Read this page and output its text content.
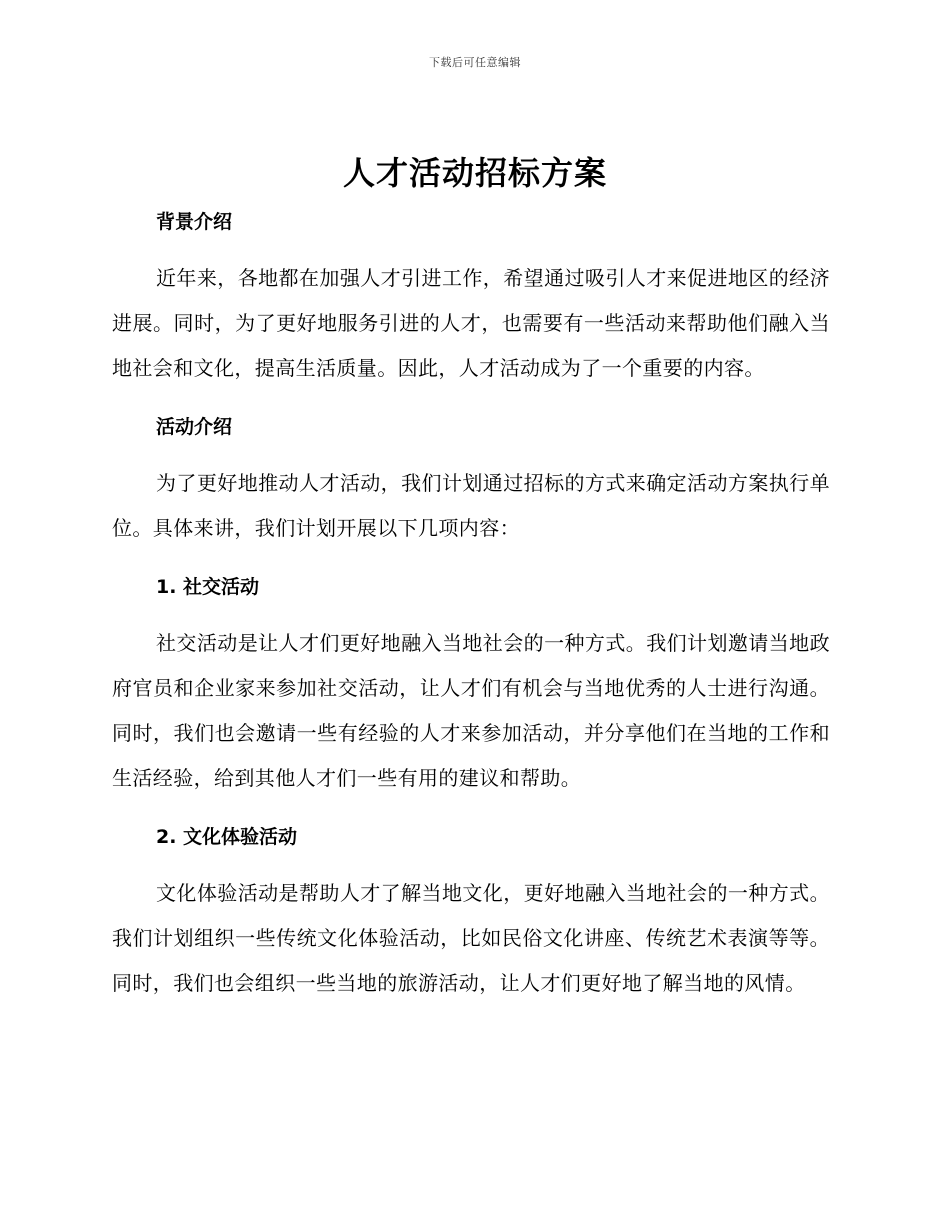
下载后可任意编辑
人才活动招标方案
背景介绍

近年来，各地都在加强人才引进工作，希望通过吸引人才来促进地区的经济进展。同时，为了更好地服务引进的人才，也需要有一些活动来帮助他们融入当地社会和文化，提高生活质量。因此，人才活动成为了一个重要的内容。

活动介绍

为了更好地推动人才活动，我们计划通过招标的方式来确定活动方案执行单位。具体来讲，我们计划开展以下几项内容：

1. 社交活动

社交活动是让人才们更好地融入当地社会的一种方式。我们计划邀请当地政府官员和企业家来参加社交活动，让人才们有机会与当地优秀的人士进行沟通。同时，我们也会邀请一些有经验的人才来参加活动，并分享他们在当地的工作和生活经验，给到其他人才们一些有用的建议和帮助。

2. 文化体验活动

文化体验活动是帮助人才了解当地文化，更好地融入当地社会的一种方式。我们计划组织一些传统文化体验活动，比如民俗文化讲座、传统艺术表演等等。同时，我们也会组织一些当地的旅游活动，让人才们更好地了解当地的风情。
